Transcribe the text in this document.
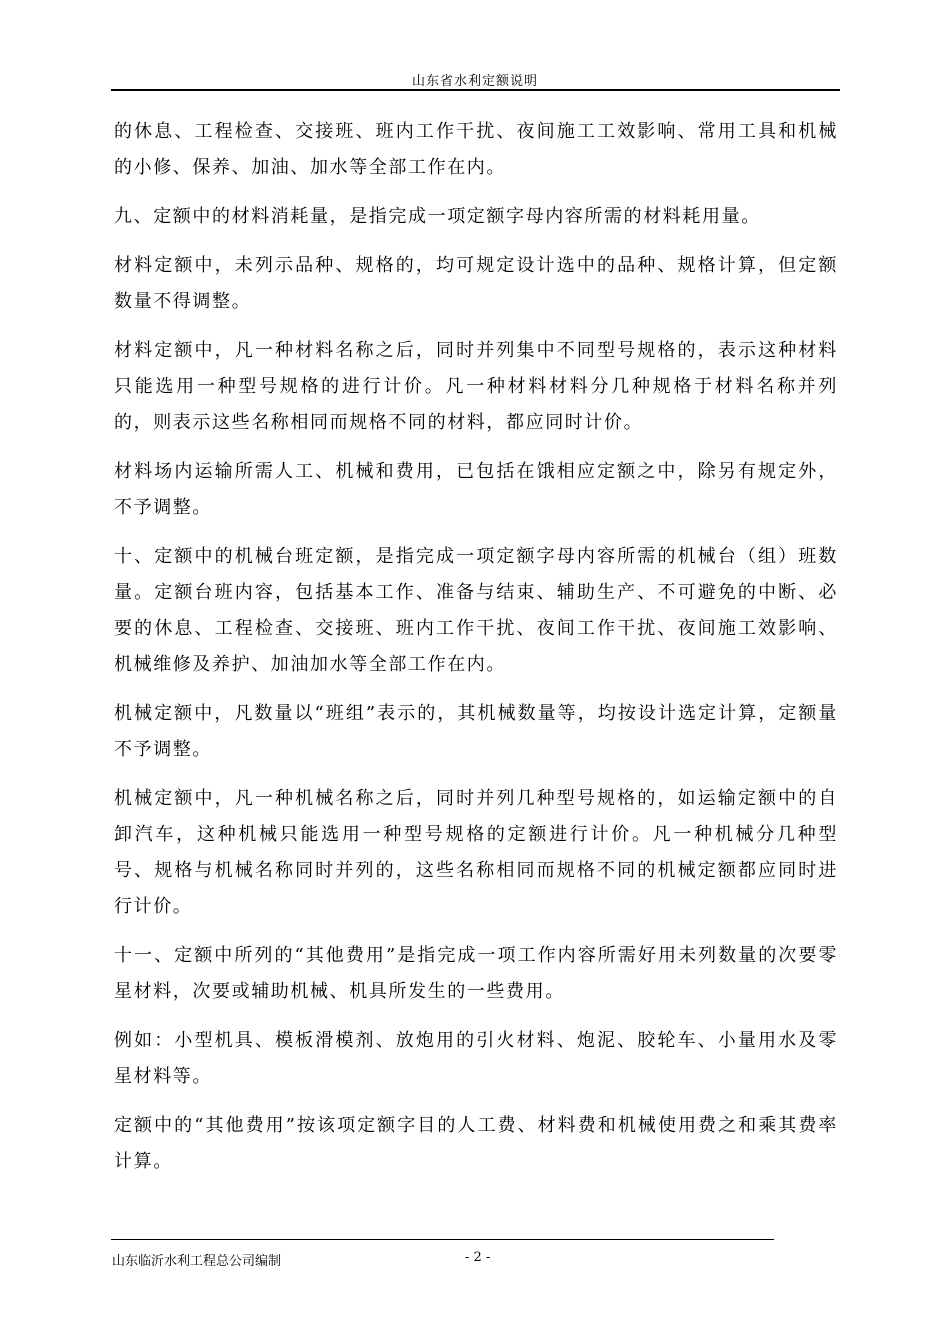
山东省水利定额说明

的休息、工程检查、交接班、班内工作干扰、夜间施工工效影响、常用工具和机械的小修、保养、加油、加水等全部工作在内。

九、定额中的材料消耗量，是指完成一项定额字母内容所需的材料耗用量。

材料定额中，未列示品种、规格的，均可规定设计选中的品种、规格计算，但定额数量不得调整。

材料定额中，凡一种材料名称之后，同时并列集中不同型号规格的，表示这种材料只能选用一种型号规格的进行计价。凡一种材料材料分几种规格于材料名称并列的，则表示这些名称相同而规格不同的材料，都应同时计价。

材料场内运输所需人工、机械和费用，已包括在饿相应定额之中，除另有规定外，不予调整。

十、定额中的机械台班定额，是指完成一项定额字母内容所需的机械台（组）班数量。定额台班内容，包括基本工作、准备与结束、辅助生产、不可避免的中断、必要的休息、工程检查、交接班、班内工作干扰、夜间工作干扰、夜间施工效影响、机械维修及养护、加油加水等全部工作在内。

机械定额中，凡数量以“班组”表示的，其机械数量等，均按设计选定计算，定额量不予调整。

机械定额中，凡一种机械名称之后，同时并列几种型号规格的，如运输定额中的自卸汽车，这种机械只能选用一种型号规格的定额进行计价。凡一种机械分几种型号、规格与机械名称同时并列的，这些名称相同而规格不同的机械定额都应同时进行计价。

十一、定额中所列的“其他费用”是指完成一项工作内容所需好用未列数量的次要零星材料，次要或辅助机械、机具所发生的一些费用。

例如：小型机具、模板滑模剂、放炮用的引火材料、炮泥、胶轮车、小量用水及零星材料等。

定额中的“其他费用”按该项定额字目的人工费、材料费和机械使用费之和乘其费率计算。

山东临沂水利工程总公司编制	- 2 -
